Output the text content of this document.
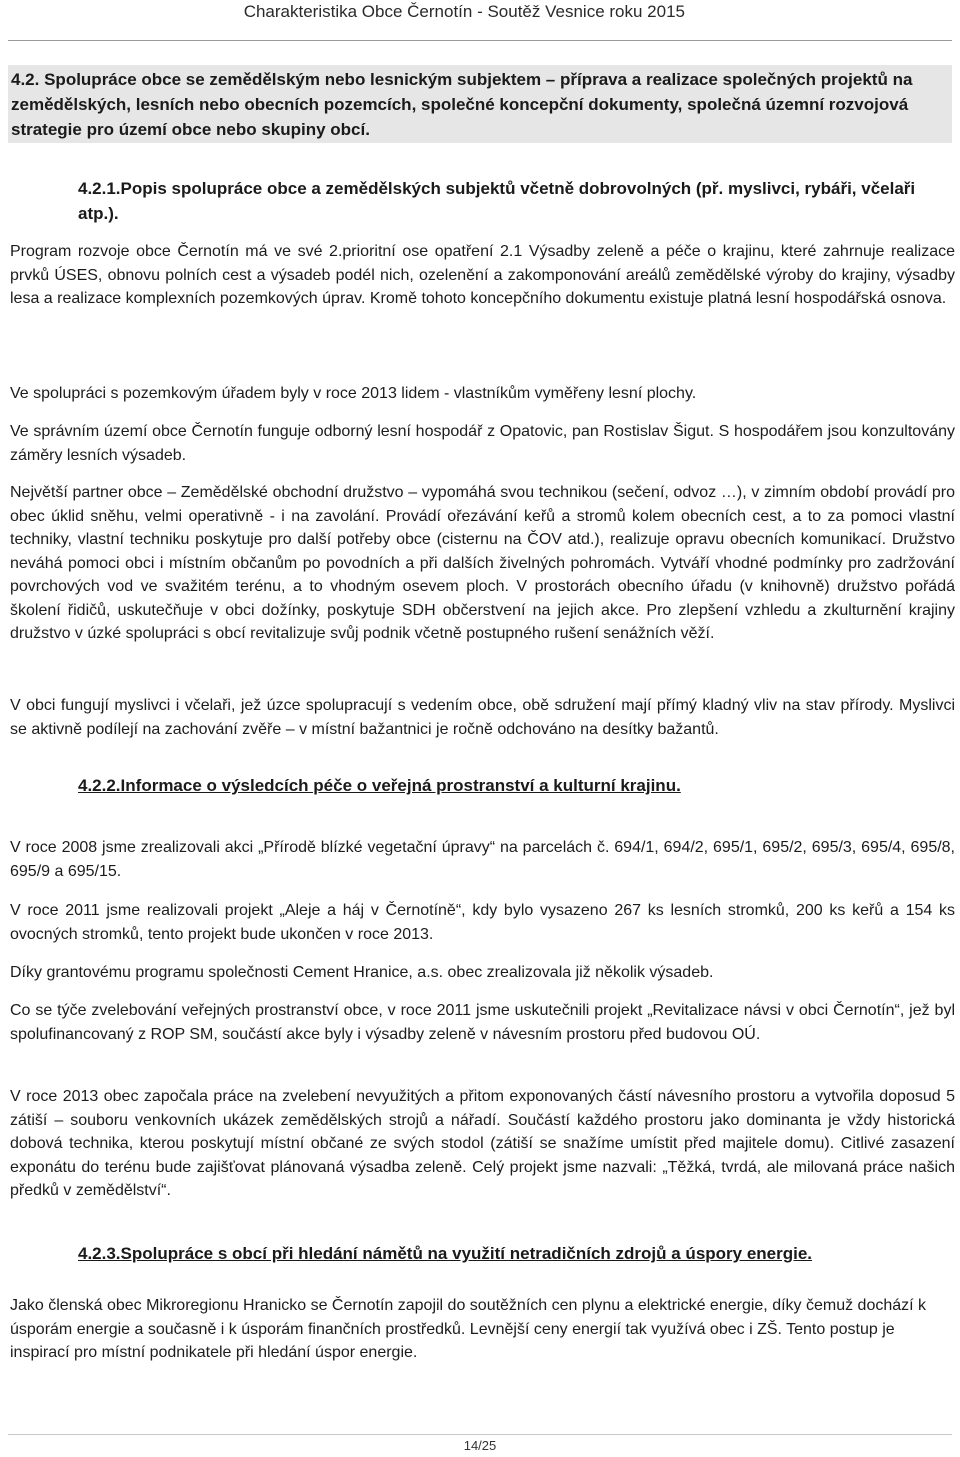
Charakteristika Obce Černotín - Soutěž Vesnice roku 2015
4.2. Spolupráce obce se zemědělským nebo lesnickým subjektem – příprava a realizace společných projektů na zemědělských, lesních nebo obecních pozemcích, společné koncepční dokumenty, společná územní rozvojová strategie pro území obce nebo skupiny obcí.
4.2.1.Popis spolupráce obce a zemědělských subjektů včetně dobrovolných (př. myslivci, rybáři, včelaři atp.).
Program rozvoje obce Černotín má ve své 2.prioritní ose opatření 2.1 Výsadby zeleně a péče o krajinu, které zahrnuje realizace prvků ÚSES, obnovu polních cest a výsadeb podél nich, ozelenění a zakomponování areálů zemědělské výroby do krajiny, výsadby lesa a realizace komplexních pozemkových úprav. Kromě tohoto koncepčního dokumentu existuje platná lesní hospodářská osnova.
Ve spolupráci s pozemkovým úřadem byly v roce 2013 lidem - vlastníkům vyměřeny lesní plochy.
Ve správním území obce Černotín funguje odborný lesní hospodář z Opatovic, pan Rostislav Šigut. S hospodářem jsou konzultovány záměry lesních výsadeb.
Největší partner obce – Zemědělské obchodní družstvo – vypomáhá svou technikou (sečení, odvoz …), v zimním období provádí pro obec úklid sněhu, velmi operativně - i na zavolání. Provádí ořezávání keřů a stromů kolem obecních cest, a to za pomoci vlastní techniky, vlastní techniku poskytuje pro další potřeby obce (cisternu na ČOV atd.), realizuje opravu obecních komunikací. Družstvo neváhá pomoci obci i místním občanům po povodních a při dalších živelných pohromách. Vytváří vhodné podmínky pro zadržování povrchových vod ve svažitém terénu, a to vhodným osevem ploch. V prostorách obecního úřadu (v knihovně) družstvo pořádá školení řidičů, uskutečňuje v obci dožínky, poskytuje SDH občerstvení na jejich akce. Pro zlepšení vzhledu a zkulturnění krajiny družstvo v úzké spolupráci s obcí revitalizuje svůj podnik včetně postupného rušení senážních věží.
V obci fungují myslivci i včelaři, jež úzce spolupracují s vedením obce, obě sdružení mají přímý kladný vliv na stav přírody. Myslivci se aktivně podílejí na zachování zvěře – v místní bažantnici je ročně odchováno na desítky bažantů.
4.2.2.Informace o výsledcích péče o veřejná prostranství a kulturní krajinu.
V roce 2008 jsme zrealizovali akci „Přírodě blízké vegetační úpravy“ na parcelách č. 694/1, 694/2, 695/1, 695/2, 695/3, 695/4, 695/8, 695/9 a 695/15.
V roce 2011 jsme realizovali projekt „Aleje a háj v Černotíně“, kdy bylo vysazeno 267 ks lesních stromků, 200 ks keřů a 154 ks ovocných stromků, tento projekt bude ukončen v roce 2013.
Díky grantovému programu společnosti Cement Hranice, a.s. obec zrealizovala již několik výsadeb.
Co se týče zvelebování veřejných prostranství obce, v roce 2011 jsme uskutečnili projekt „Revitalizace návsi v obci Černotín“, jež byl spolufinancovaný z ROP SM, součástí akce byly i výsadby zeleně v návesním prostoru před budovou OÚ.
V roce 2013 obec započala práce na zvelebení nevyužitých a přitom exponovaných částí návesního prostoru a vytvořila doposud 5 zátiší – souboru venkovních ukázek zemědělských strojů a nářadí. Součástí každého prostoru jako dominanta je vždy historická dobová technika, kterou poskytují místní občané ze svých stodol (zátiší se snažíme umístit před majitele domu). Citlivé zasazení exponátu do terénu bude zajišťovat plánovaná výsadba zeleně. Celý projekt jsme nazvali: „Těžká, tvrdá, ale milovaná práce našich předků v zemědělství“.
4.2.3.Spolupráce s obcí při hledání námětů na využití netradičních zdrojů a úspory energie.
Jako členská obec Mikroregionu Hranicko se Černotín zapojil do soutěžních cen plynu a elektrické energie, díky čemuž dochází k úsporám energie a současně i k úsporám finančních prostředků. Levnější ceny energií tak využívá obec i ZŠ. Tento postup je inspirací pro místní podnikatele při hledání úspor energie.
14/25
